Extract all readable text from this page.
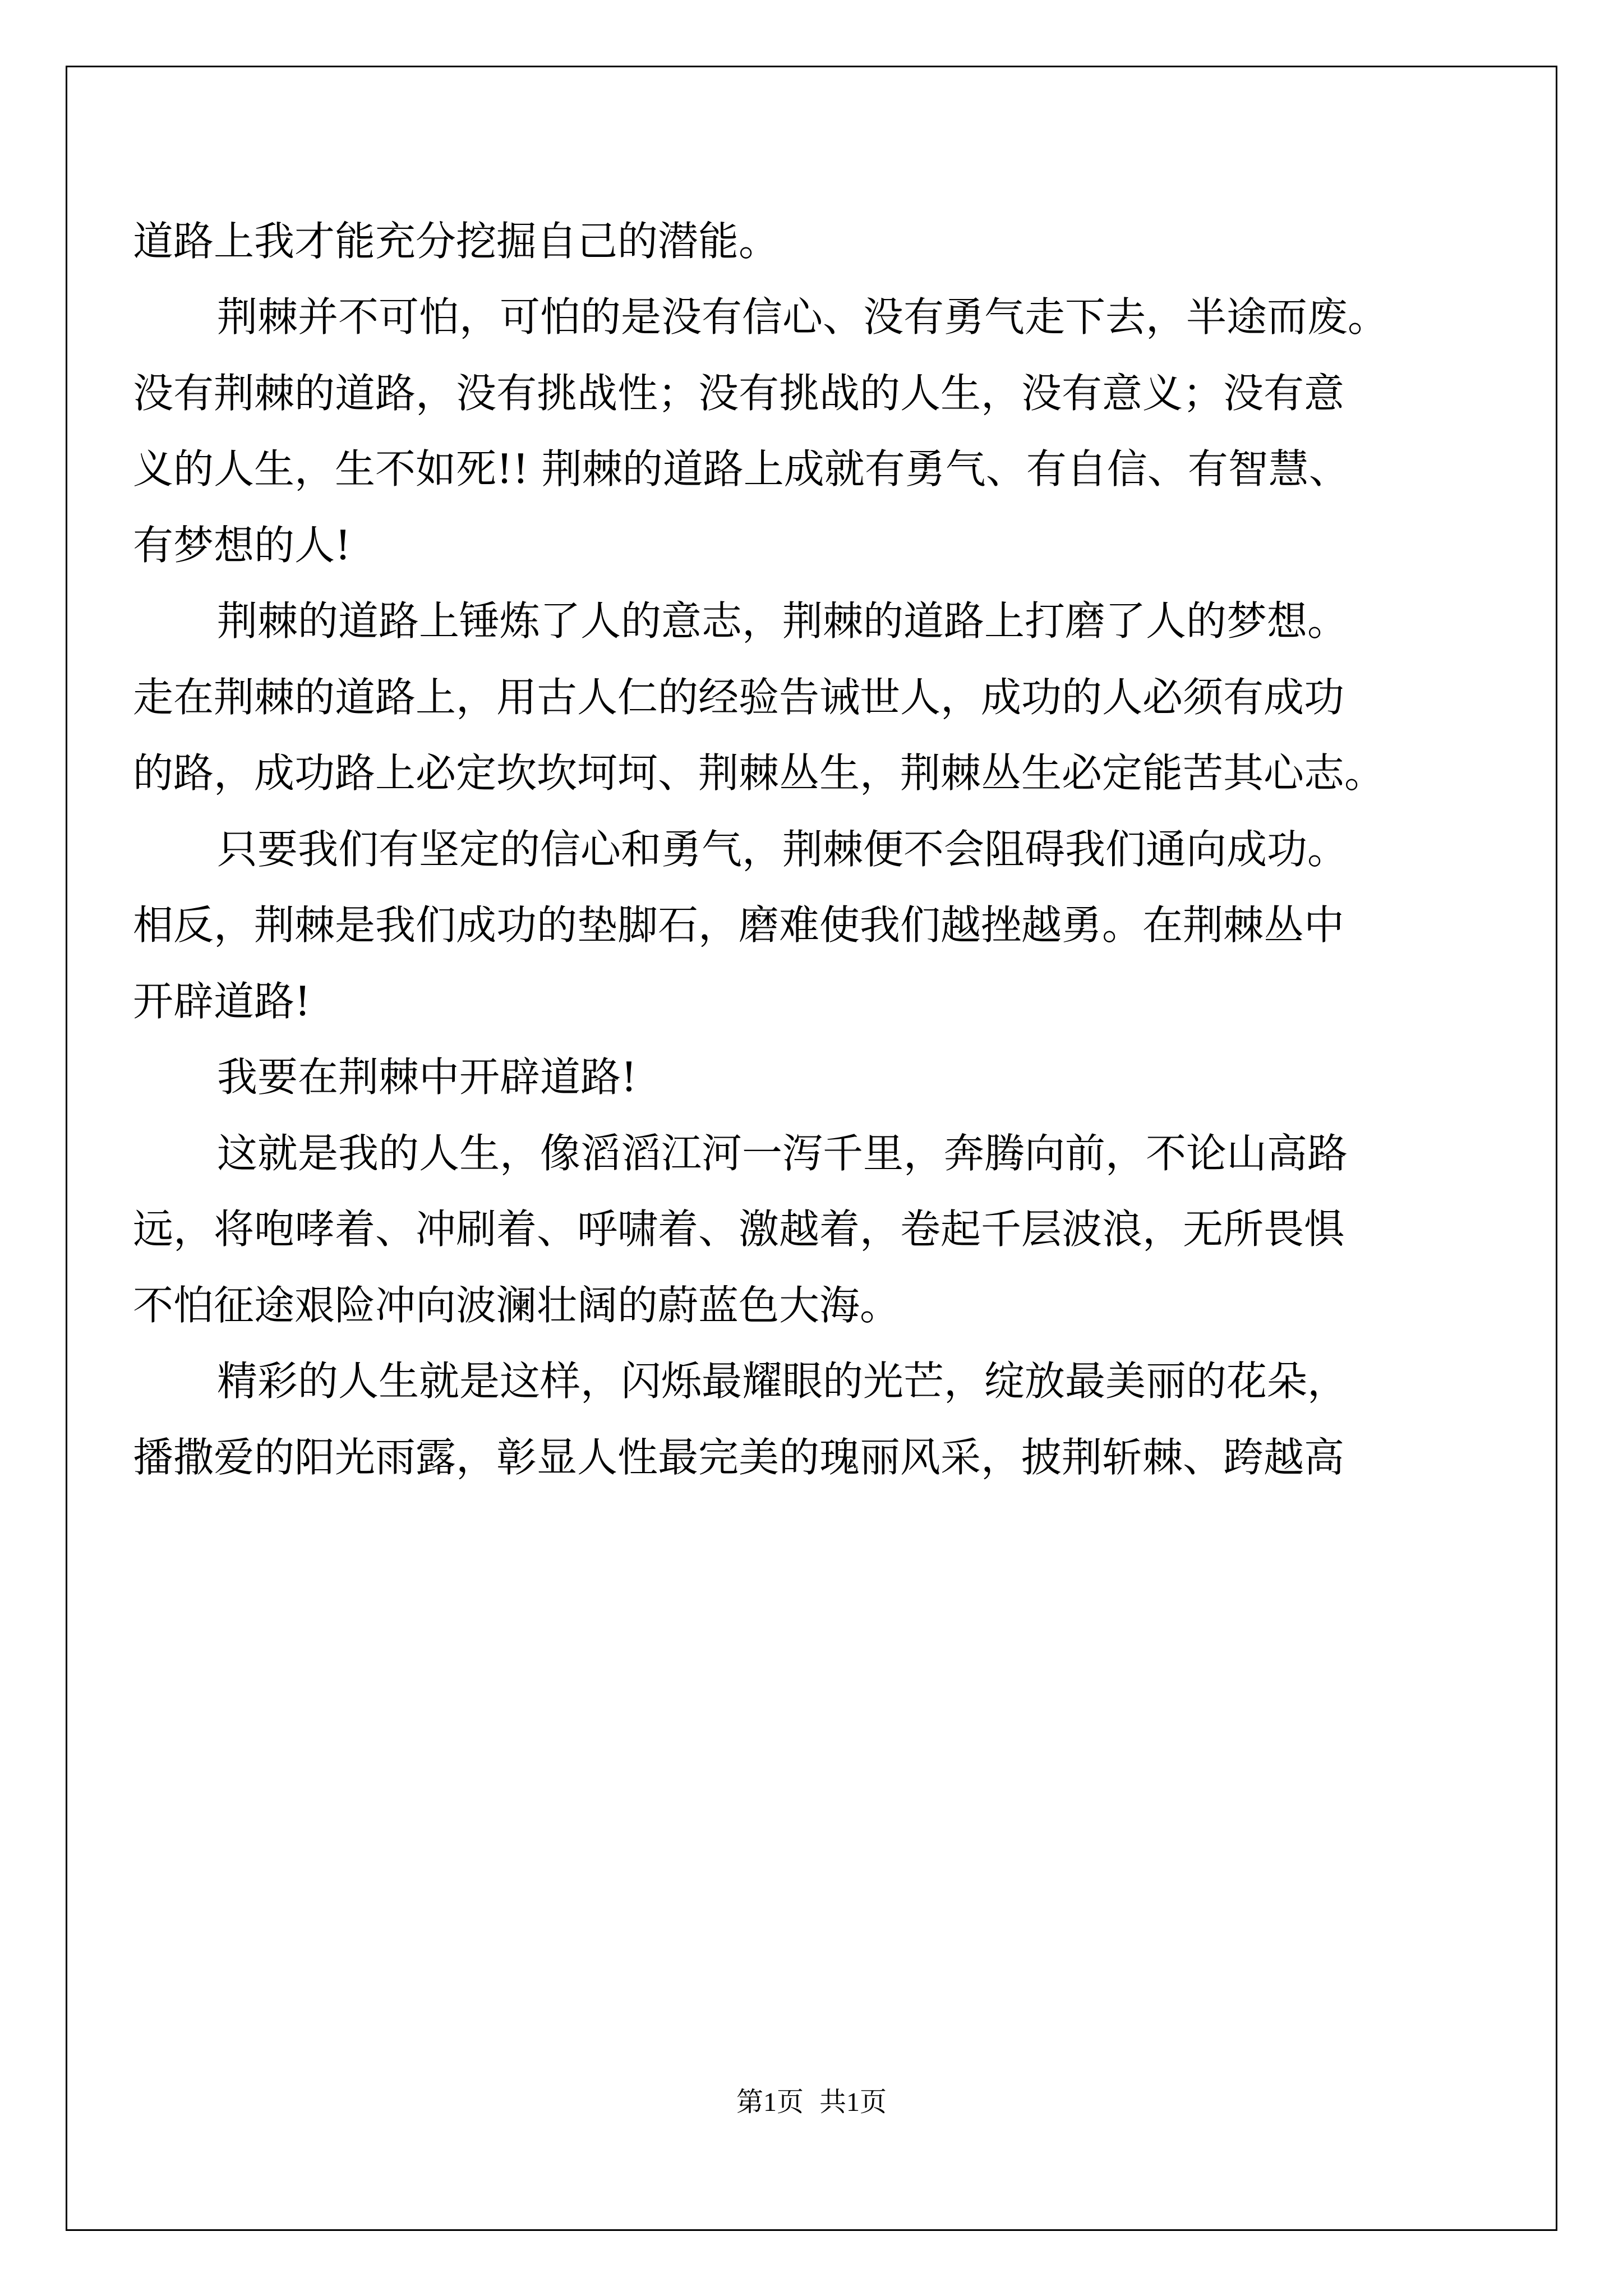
道路上我才能充分挖掘自己的潜能。
荆棘并不可怕，可怕的是没有信心、没有勇气走下去，半途而废。
没有荆棘的道路，没有挑战性；没有挑战的人生，没有意义；没有意
义的人生，生不如死!! 荆棘的道路上成就有勇气、有自信、有智慧、
有梦想的人!
荆棘的道路上锤炼了人的意志，荆棘的道路上打磨了人的梦想。
走在荆棘的道路上，用古人仁的经验告诫世人，成功的人必须有成功
的路，成功路上必定坎坎坷坷、荆棘丛生，荆棘丛生必定能苦其心志。
只要我们有坚定的信心和勇气，荆棘便不会阻碍我们通向成功。
相反，荆棘是我们成功的垫脚石，磨难使我们越挫越勇。在荆棘丛中
开辟道路!
我要在荆棘中开辟道路!
这就是我的人生，像滔滔江河一泻千里，奔腾向前，不论山高路
远，将咆哮着、冲刷着、呼啸着、激越着，卷起千层波浪，无所畏惧
不怕征途艰险冲向波澜壮阔的蔚蓝色大海。
精彩的人生就是这样，闪烁最耀眼的光芒，绽放最美丽的花朵，
播撒爱的阳光雨露，彰显人性最完美的瑰丽风采，披荆斩棘、跨越高
第1页 共1页
